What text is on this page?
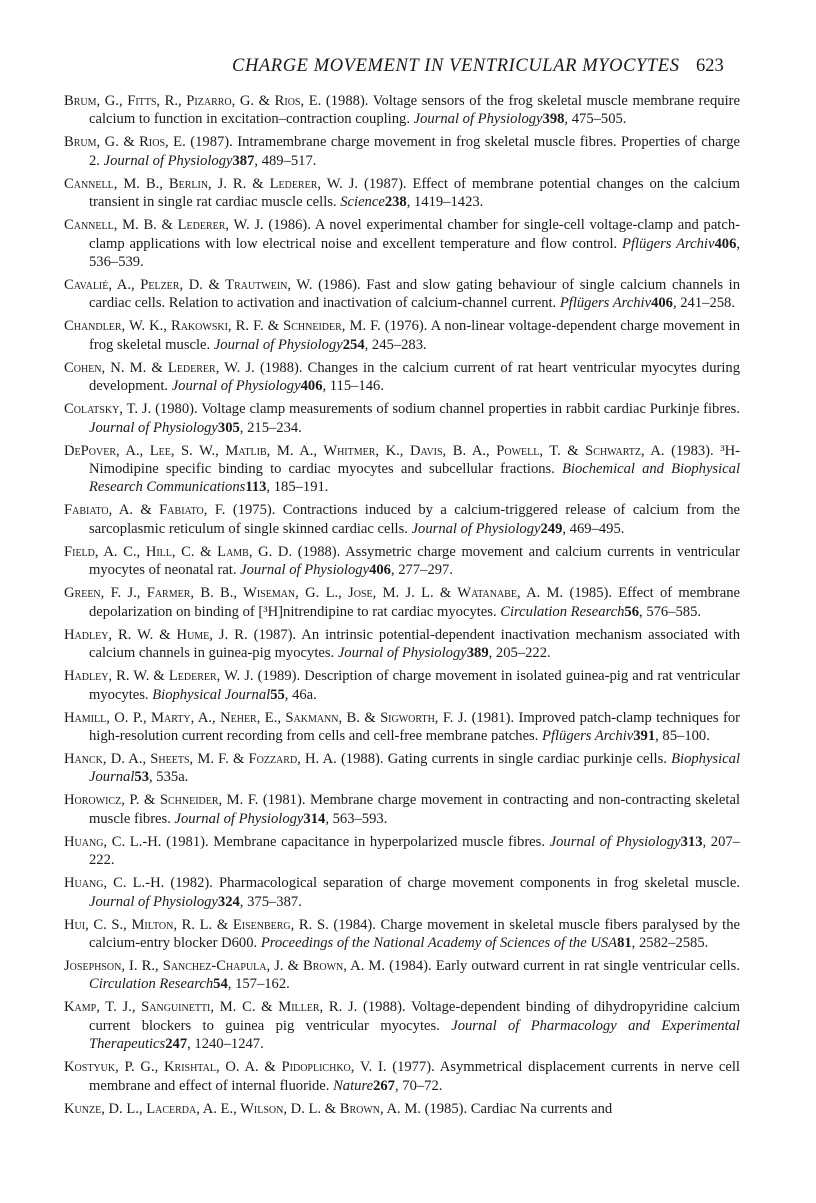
CHARGE MOVEMENT IN VENTRICULAR MYOCYTES 623

Brum, G., Fitts, R., Pizarro, G. & Rios, E. (1988). Voltage sensors of the frog skeletal muscle membrane require calcium to function in excitation–contraction coupling. Journal of Physiology398, 475–505.

Brum, G. & Rios, E. (1987). Intramembrane charge movement in frog skeletal muscle fibres. Properties of charge 2. Journal of Physiology387, 489–517.

Cannell, M. B., Berlin, J. R. & Lederer, W. J. (1987). Effect of membrane potential changes on the calcium transient in single rat cardiac muscle cells. Science238, 1419–1423.

Cannell, M. B. & Lederer, W. J. (1986). A novel experimental chamber for single-cell voltage-clamp and patch-clamp applications with low electrical noise and excellent temperature and flow control. Pflügers Archiv406, 536–539.

Cavalié, A., Pelzer, D. & Trautwein, W. (1986). Fast and slow gating behaviour of single calcium channels in cardiac cells. Relation to activation and inactivation of calcium-channel current. Pflügers Archiv406, 241–258.

Chandler, W. K., Rakowski, R. F. & Schneider, M. F. (1976). A non-linear voltage-dependent charge movement in frog skeletal muscle. Journal of Physiology254, 245–283.

Cohen, N. M. & Lederer, W. J. (1988). Changes in the calcium current of rat heart ventricular myocytes during development. Journal of Physiology406, 115–146.

Colatsky, T. J. (1980). Voltage clamp measurements of sodium channel properties in rabbit cardiac Purkinje fibres. Journal of Physiology305, 215–234.

DePover, A., Lee, S. W., Matlib, M. A., Whitmer, K., Davis, B. A., Powell, T. & Schwartz, A. (1983). ³H-Nimodipine specific binding to cardiac myocytes and subcellular fractions. Biochemical and Biophysical Research Communications113, 185–191.

Fabiato, A. & Fabiato, F. (1975). Contractions induced by a calcium-triggered release of calcium from the sarcoplasmic reticulum of single skinned cardiac cells. Journal of Physiology249, 469–495.

Field, A. C., Hill, C. & Lamb, G. D. (1988). Assymetric charge movement and calcium currents in ventricular myocytes of neonatal rat. Journal of Physiology406, 277–297.

Green, F. J., Farmer, B. B., Wiseman, G. L., Jose, M. J. L. & Watanabe, A. M. (1985). Effect of membrane depolarization on binding of [³H]nitrendipine to rat cardiac myocytes. Circulation Research56, 576–585.

Hadley, R. W. & Hume, J. R. (1987). An intrinsic potential-dependent inactivation mechanism associated with calcium channels in guinea-pig myocytes. Journal of Physiology389, 205–222.

Hadley, R. W. & Lederer, W. J. (1989). Description of charge movement in isolated guinea-pig and rat ventricular myocytes. Biophysical Journal55, 46a.

Hamill, O. P., Marty, A., Neher, E., Sakmann, B. & Sigworth, F. J. (1981). Improved patch-clamp techniques for high-resolution current recording from cells and cell-free membrane patches. Pflügers Archiv391, 85–100.

Hanck, D. A., Sheets, M. F. & Fozzard, H. A. (1988). Gating currents in single cardiac purkinje cells. Biophysical Journal53, 535a.

Horowicz, P. & Schneider, M. F. (1981). Membrane charge movement in contracting and non-contracting skeletal muscle fibres. Journal of Physiology314, 563–593.

Huang, C. L.-H. (1981). Membrane capacitance in hyperpolarized muscle fibres. Journal of Physiology313, 207–222.

Huang, C. L.-H. (1982). Pharmacological separation of charge movement components in frog skeletal muscle. Journal of Physiology324, 375–387.

Hui, C. S., Milton, R. L. & Eisenberg, R. S. (1984). Charge movement in skeletal muscle fibers paralysed by the calcium-entry blocker D600. Proceedings of the National Academy of Sciences of the USA81, 2582–2585.

Josephson, I. R., Sanchez-Chapula, J. & Brown, A. M. (1984). Early outward current in rat single ventricular cells. Circulation Research54, 157–162.

Kamp, T. J., Sanguinetti, M. C. & Miller, R. J. (1988). Voltage-dependent binding of dihydropyridine calcium current blockers to guinea pig ventricular myocytes. Journal of Pharmacology and Experimental Therapeutics247, 1240–1247.

Kostyuk, P. G., Krishtal, O. A. & Pidoplichko, V. I. (1977). Asymmetrical displacement currents in nerve cell membrane and effect of internal fluoride. Nature267, 70–72.

Kunze, D. L., Lacerda, A. E., Wilson, D. L. & Brown, A. M. (1985). Cardiac Na currents and
